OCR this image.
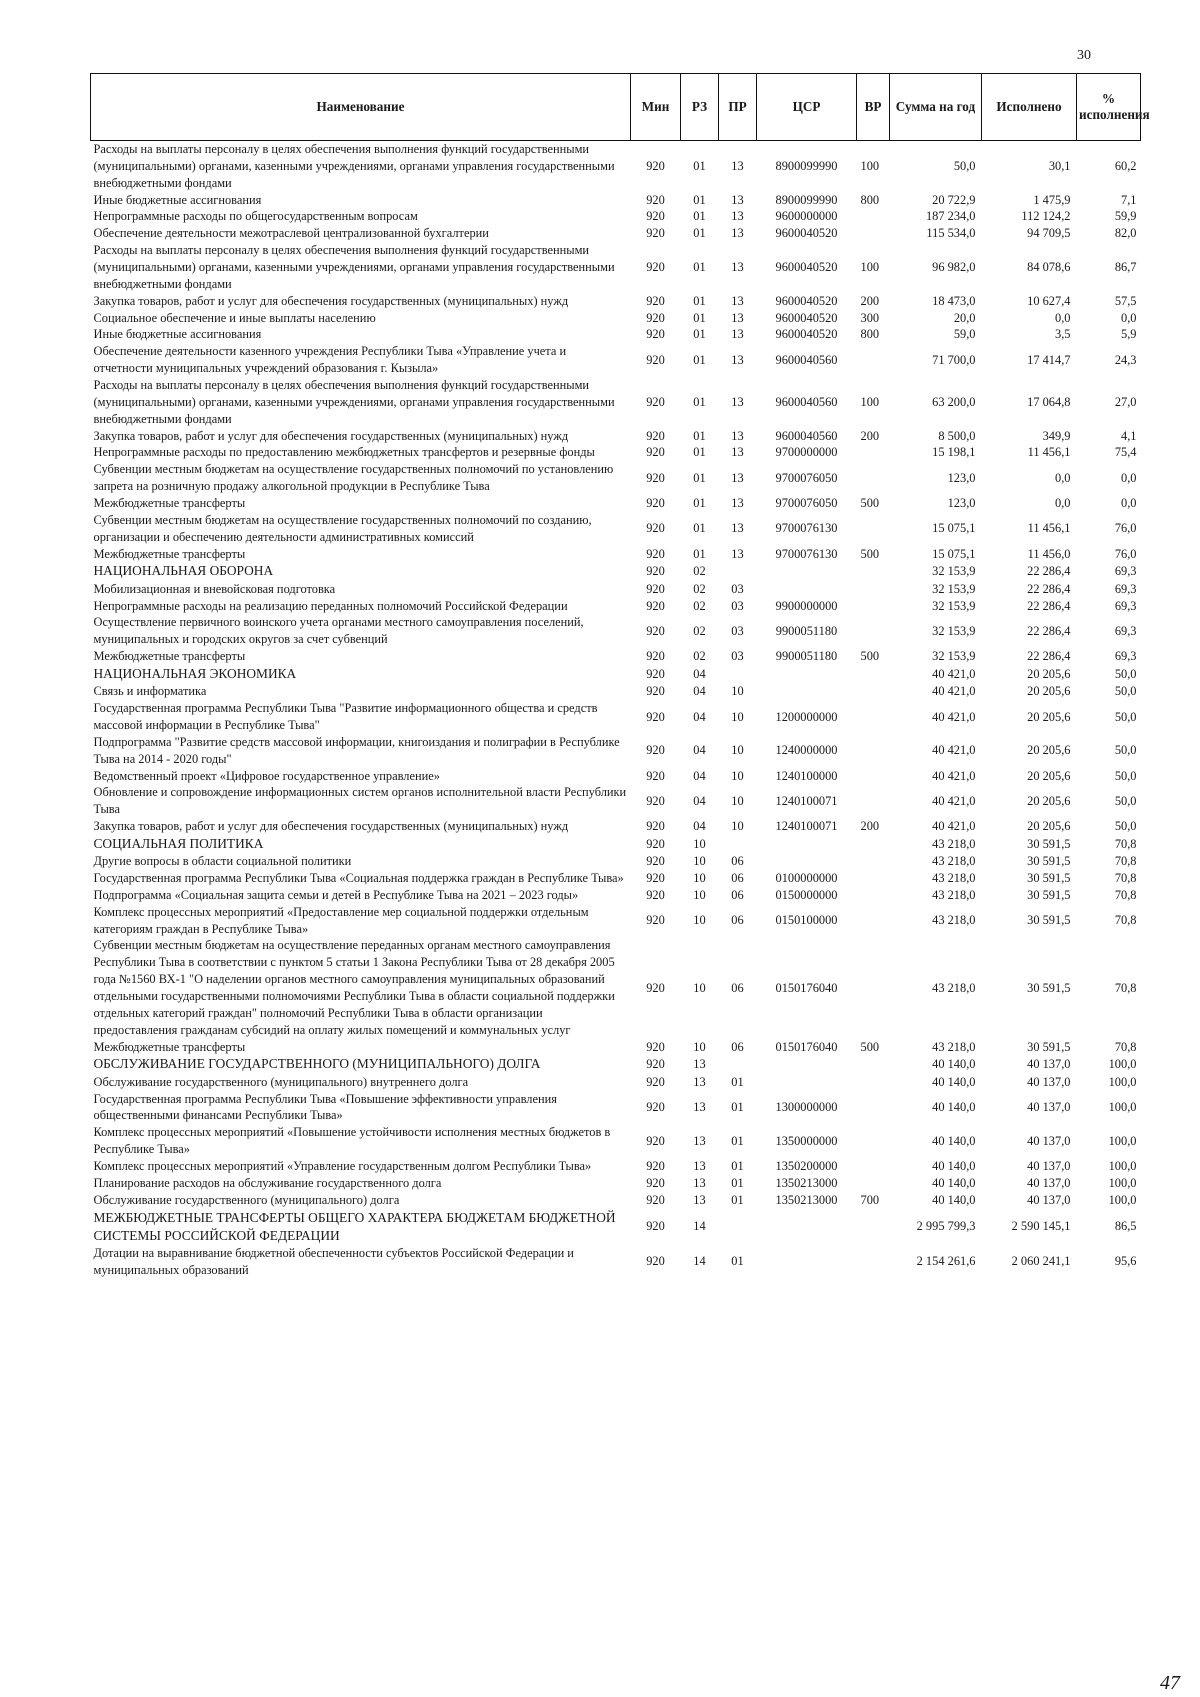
30
Наименование	Мин	РЗ	ПР	ЦСР	ВР	Сумма на год	Исполнено	% исполнения
Расходы на выплаты персоналу в целях обеспечения выполнения функций государственными (муниципальными) органами, казенными учреждениями, органами управления государственными внебюджетными фондами	920	01	13	8900099990	100	50,0	30,1	60,2
Иные бюджетные ассигнования	920	01	13	8900099990	800	20 722,9	1 475,9	7,1
Непрограммные расходы по общегосударственным вопросам	920	01	13	9600000000		187 234,0	112 124,2	59,9
Обеспечение деятельности межотраслевой централизованной бухгалтерии	920	01	13	9600040520		115 534,0	94 709,5	82,0
Расходы на выплаты персоналу в целях обеспечения выполнения функций государственными (муниципальными) органами, казенными учреждениями, органами управления государственными внебюджетными фондами	920	01	13	9600040520	100	96 982,0	84 078,6	86,7
Закупка товаров, работ и услуг для обеспечения государственных (муниципальных) нужд	920	01	13	9600040520	200	18 473,0	10 627,4	57,5
Социальное обеспечение и иные выплаты населению	920	01	13	9600040520	300	20,0	0,0	0,0
Иные бюджетные ассигнования	920	01	13	9600040520	800	59,0	3,5	5,9
Обеспечение деятельности казенного учреждения Республики Тыва «Управление учета и отчетности муниципальных учреждений образования г. Кызыла»	920	01	13	9600040560		71 700,0	17 414,7	24,3
Расходы на выплаты персоналу в целях обеспечения выполнения функций государственными (муниципальными) органами, казенными учреждениями, органами управления государственными внебюджетными фондами	920	01	13	9600040560	100	63 200,0	17 064,8	27,0
Закупка товаров, работ и услуг для обеспечения государственных (муниципальных) нужд	920	01	13	9600040560	200	8 500,0	349,9	4,1
Непрограммные расходы по предоставлению межбюджетных трансфертов и резервные фонды	920	01	13	9700000000		15 198,1	11 456,1	75,4
Субвенции местным бюджетам на осуществление государственных полномочий по установлению запрета на розничную продажу алкогольной продукции в Республике Тыва	920	01	13	9700076050		123,0	0,0	0,0
Межбюджетные трансферты	920	01	13	9700076050	500	123,0	0,0	0,0
Субвенции местным бюджетам на осуществление государственных полномочий по созданию, организации и обеспечению деятельности административных комиссий	920	01	13	9700076130		15 075,1	11 456,1	76,0
Межбюджетные трансферты	920	01	13	9700076130	500	15 075,1	11 456,0	76,0
НАЦИОНАЛЬНАЯ ОБОРОНА	920	02				32 153,9	22 286,4	69,3
Мобилизационная и вневойсковая подготовка	920	02	03			32 153,9	22 286,4	69,3
Непрограммные расходы на реализацию переданных полномочий Российской Федерации	920	02	03	9900000000		32 153,9	22 286,4	69,3
Осуществление первичного воинского учета органами местного самоуправления поселений, муниципальных и городских округов за счет субвенций	920	02	03	9900051180		32 153,9	22 286,4	69,3
Межбюджетные трансферты	920	02	03	9900051180	500	32 153,9	22 286,4	69,3
НАЦИОНАЛЬНАЯ ЭКОНОМИКА	920	04				40 421,0	20 205,6	50,0
Связь и информатика	920	04	10			40 421,0	20 205,6	50,0
Государственная программа Республики Тыва "Развитие информационного общества и средств массовой информации в Республике Тыва"	920	04	10	1200000000		40 421,0	20 205,6	50,0
Подпрограмма "Развитие средств массовой информации, книгоиздания и полиграфии в Республике Тыва на 2014 - 2020 годы"	920	04	10	1240000000		40 421,0	20 205,6	50,0
Ведомственный проект «Цифровое государственное управление»	920	04	10	1240100000		40 421,0	20 205,6	50,0
Обновление и сопровождение информационных систем органов исполнительной власти Республики Тыва	920	04	10	1240100071		40 421,0	20 205,6	50,0
Закупка товаров, работ и услуг для обеспечения государственных (муниципальных) нужд	920	04	10	1240100071	200	40 421,0	20 205,6	50,0
СОЦИАЛЬНАЯ ПОЛИТИКА	920	10				43 218,0	30 591,5	70,8
Другие вопросы в области социальной политики	920	10	06			43 218,0	30 591,5	70,8
Государственная программа Республики Тыва «Социальная поддержка граждан в Республике Тыва»	920	10	06	0100000000		43 218,0	30 591,5	70,8
Подпрограмма «Социальная защита семьи и детей в Республике Тыва на 2021 – 2023 годы»	920	10	06	0150000000		43 218,0	30 591,5	70,8
Комплекс процессных мероприятий «Предоставление мер социальной поддержки отдельным категориям граждан в Республике Тыва»	920	10	06	0150100000		43 218,0	30 591,5	70,8
Субвенции местным бюджетам на осуществление переданных органам местного самоуправления Республики Тыва в соответствии с пунктом 5 статьи 1 Закона Республики Тыва от 28 декабря 2005 года №1560 ВХ-1 "О наделении органов местного самоуправления муниципальных образований отдельными государственными полномочиями Республики Тыва в области социальной поддержки отдельных категорий граждан" полномочий Республики Тыва в области организации предоставления гражданам субсидий на оплату жилых помещений и коммунальных услуг	920	10	06	0150176040		43 218,0	30 591,5	70,8
Межбюджетные трансферты	920	10	06	0150176040	500	43 218,0	30 591,5	70,8
ОБСЛУЖИВАНИЕ ГОСУДАРСТВЕННОГО (МУНИЦИПАЛЬНОГО) ДОЛГА	920	13				40 140,0	40 137,0	100,0
Обслуживание государственного (муниципального) внутреннего долга	920	13	01			40 140,0	40 137,0	100,0
Государственная программа Республики Тыва «Повышение эффективности управления общественными финансами Республики Тыва»	920	13	01	1300000000		40 140,0	40 137,0	100,0
Комплекс процессных мероприятий «Повышение устойчивости исполнения местных бюджетов в Республике Тыва»	920	13	01	1350000000		40 140,0	40 137,0	100,0
Комплекс процессных мероприятий «Управление государственным долгом Республики Тыва»	920	13	01	1350200000		40 140,0	40 137,0	100,0
Планирование расходов на обслуживание государственного долга	920	13	01	1350213000		40 140,0	40 137,0	100,0
Обслуживание государственного (муниципального) долга	920	13	01	1350213000	700	40 140,0	40 137,0	100,0
МЕЖБЮДЖЕТНЫЕ ТРАНСФЕРТЫ ОБЩЕГО ХАРАКТЕРА БЮДЖЕТАМ БЮДЖЕТНОЙ СИСТЕМЫ РОССИЙСКОЙ ФЕДЕРАЦИИ	920	14				2 995 799,3	2 590 145,1	86,5
Дотации на выравнивание бюджетной обеспеченности субъектов Российской Федерации и муниципальных образований	920	14	01			2 154 261,6	2 060 241,1	95,6
47
